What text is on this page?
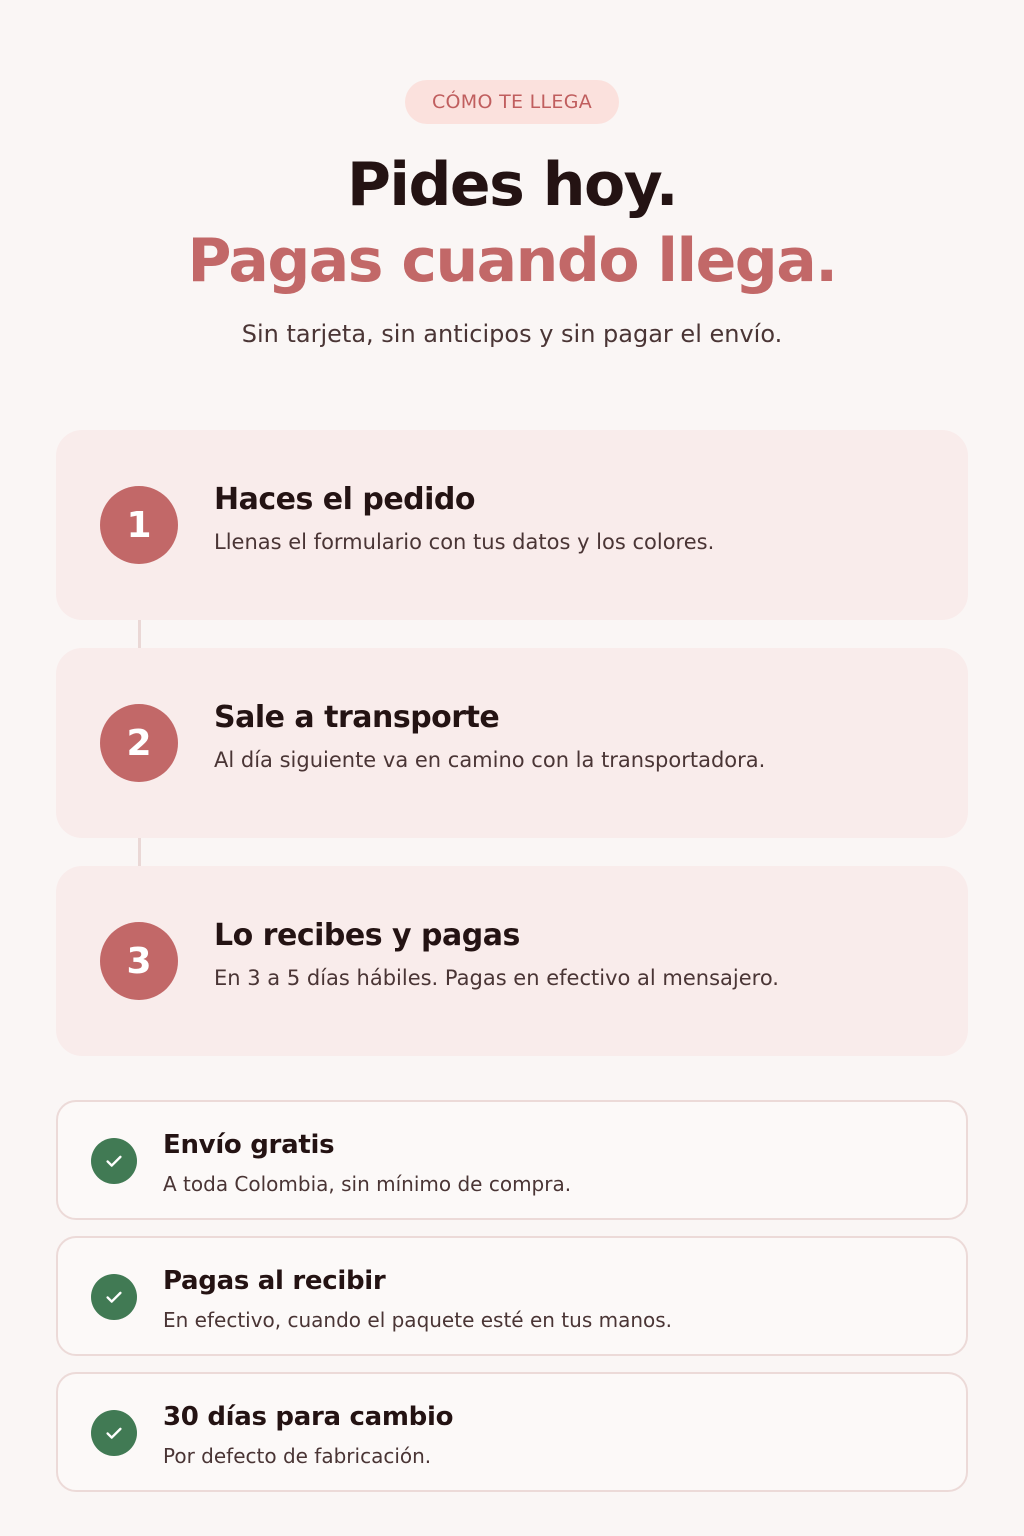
CÓMO TE LLEGA
Pides hoy.
Pagas cuando llega.

Sin tarjeta, sin anticipos y sin pagar el envío.

1
Haces el pedido
Llenas el formulario con tus datos y los colores.
2
Sale a transporte
Al día siguiente va en camino con la transportadora.
3
Lo recibes y pagas
En 3 a 5 días hábiles. Pagas en efectivo al mensajero.
Envío gratis
A toda Colombia, sin mínimo de compra.
Pagas al recibir
En efectivo, cuando el paquete esté en tus manos.
30 días para cambio
Por defecto de fabricación.
